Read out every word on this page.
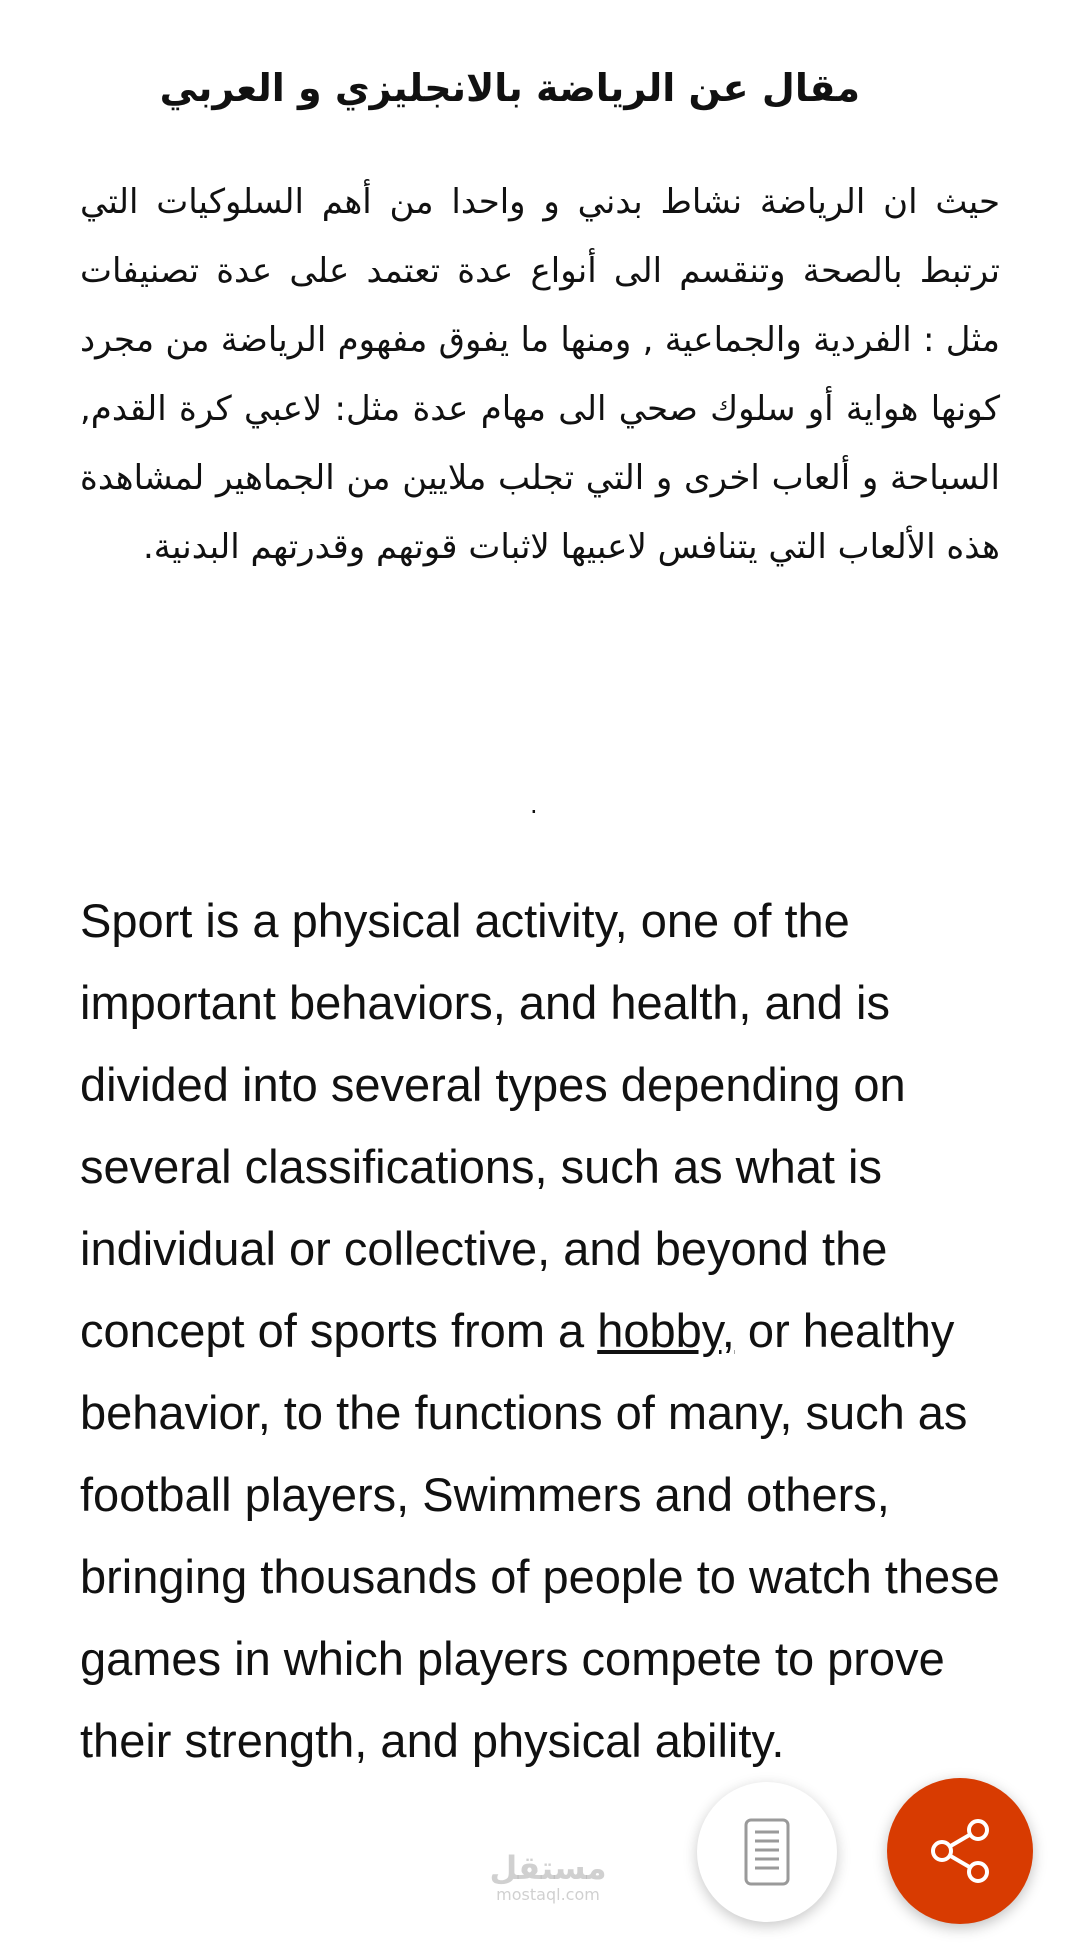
مقال عن الرياضة بالانجليزي و العربي

حيث ان الرياضة نشاط بدني و واحدا من أهم السلوكيات التي ترتبط بالصحة وتنقسم الى أنواع عدة تعتمد على عدة تصنيفات مثل : الفردية والجماعية , ومنها ما يفوق مفهوم الرياضة من مجرد كونها هواية أو سلوك صحي الى مهام عدة مثل: لاعبي كرة القدم, السباحة و ألعاب اخرى و التي تجلب ملايين من الجماهير لمشاهدة هذه الألعاب التي يتنافس لاعبيها لاثبات قوتهم وقدرتهم البدنية.

.

Sport is a physical activity, one of the important behaviors, and health, and is divided into several types depending on several classifications, such as what is individual or collective, and beyond the concept of sports from a hobby, or healthy behavior, to the functions of many, such as football players, Swimmers and others, bringing thousands of people to watch these games in which players compete to prove their strength, and physical ability.

مستقل
mostaql.com
